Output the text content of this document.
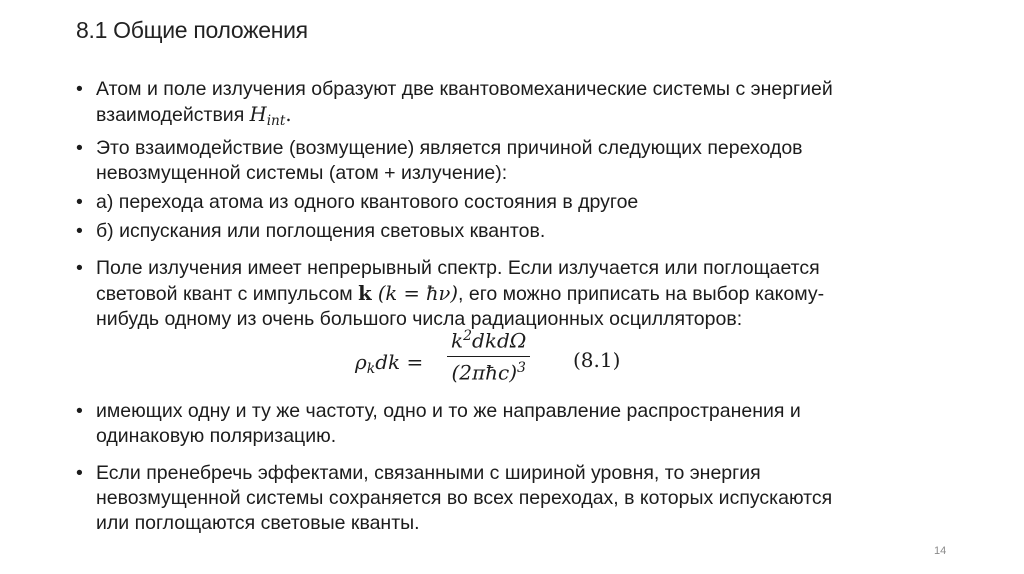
8.1 Общие положения
• Атом и поле излучения образуют две квантовомеханические системы с энергией
взаимодействия $H_{int}$.
• Это взаимодействие (возмущение) является причиной следующих переходов
невозмущенной системы (атом + излучение):
• а) перехода атома из одного квантового состояния в другое
• б) испускания или поглощения световых квантов.
• Поле излучения имеет непрерывный спектр. Если излучается или поглощается
световой квант с импульсом k (k = ħν), его можно приписать на выбор какому-
нибудь одному из очень большого числа радиационных осцилляторов:
$\rho_kdk$ =
$k^2dkd\Omega$
(2πħc)$^3$ (8.1)
• имеющих одну и ту же частоту, одно и то же направление распространения и
одинаковую поляризацию.
• Если пренебречь эффектами, связанными с шириной уровня, то энергия
невозмущенной системы сохраняется во всех переходах, в которых испускаются
или поглощаются световые кванты.
14
